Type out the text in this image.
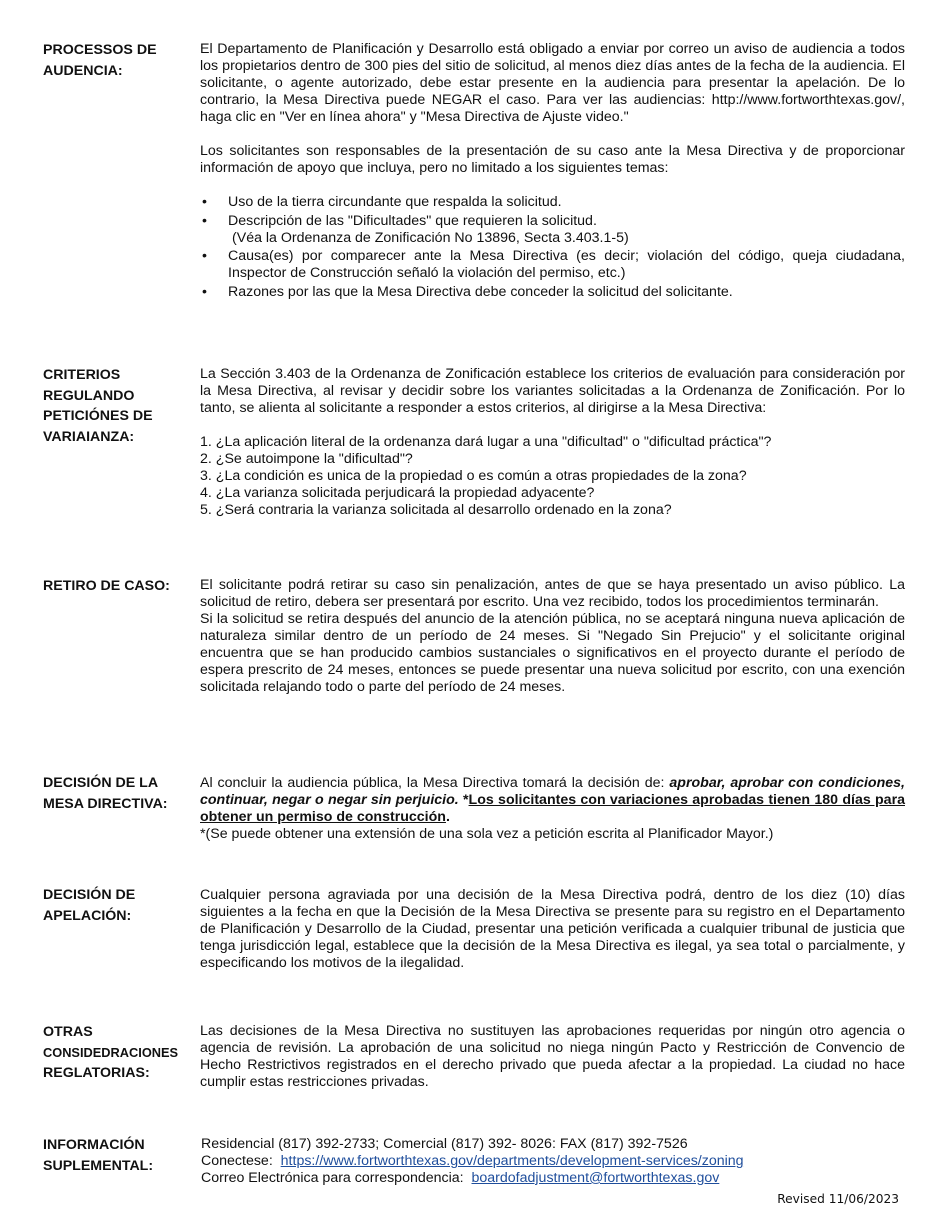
PROCESSOS DE
AUDENCIA:

El Departamento de Planificación y Desarrollo está obligado a enviar por correo un aviso de audiencia a todos los propietarios dentro de 300 pies del sitio de solicitud, al menos diez días antes de la fecha de la audiencia. El solicitante, o agente autorizado, debe estar presente en la audiencia para presentar la apelación. De lo contrario, la Mesa Directiva puede NEGAR el caso. Para ver las audiencias: http://www.fortworthtexas.gov/, haga clic en "Ver en línea ahora" y "Mesa Directiva de Ajuste video."

Los solicitantes son responsables de la presentación de su caso ante la Mesa Directiva y de proporcionar información de apoyo que incluya, pero no limitado a los siguientes temas:

• Uso de la tierra circundante que respalda la solicitud.
• Descripción de las "Dificultades" que requieren la solicitud.
(Véa la Ordenanza de Zonificación No 13896, Secta 3.403.1-5)
• Causa(es) por comparecer ante la Mesa Directiva (es decir; violación del código, queja ciudadana, Inspector de Construcción señaló la violación del permiso, etc.)
• Razones por las que la Mesa Directiva debe conceder la solicitud del solicitante.
CRITERIOS
REGULANDO
PETICIÓNES DE
VARIAIANZA:

La Sección 3.403 de la Ordenanza de Zonificación establece los criterios de evaluación para consideración por la Mesa Directiva, al revisar y decidir sobre los variantes solicitadas a la Ordenanza de Zonificación. Por lo tanto, se alienta al solicitante a responder a estos criterios, al dirigirse a la Mesa Directiva:

1. ¿La aplicación literal de la ordenanza dará lugar a una "dificultad" o "dificultad práctica"?
2. ¿Se autoimpone la "dificultad"?
3. ¿La condición es unica de la propiedad o es común a otras propiedades de la zona?
4. ¿La varianza solicitada perjudicará la propiedad adyacente?
5. ¿Será contraria la varianza solicitada al desarrollo ordenado en la zona?
RETIRO DE CASO:	El solicitante podrá retirar su caso sin penalización, antes de que se haya presentado un aviso público. La solicitud de retiro, debera ser presentará por escrito. Una vez recibido, todos los procedimientos terminarán.

Si la solicitud se retira después del anuncio de la atención pública, no se aceptará ninguna nueva aplicación de naturaleza similar dentro de un período de 24 meses. Si "Negado Sin Prejucio" y el solicitante original encuentra que se han producido cambios sustanciales o significativos en el proyecto durante el período de espera prescrito de 24 meses, entonces se puede presentar una nueva solicitud por escrito, con una exención solicitada relajando todo o parte del período de 24 meses.

DECISIÓN DE LA
MESA DIRECTIVA:

Al concluir la audiencia pública, la Mesa Directiva tomará la decisión de: aprobar, aprobar con condiciones, continuar, negar o negar sin perjuicio. *Los solicitantes con variaciones aprobadas tienen 180 días para obtener un permiso de construcción.

*(Se puede obtener una extensión de una sola vez a petición escrita al Planificador Mayor.)

DECISIÓN DE
APELACIÓN:

Cualquier persona agraviada por una decisión de la Mesa Directiva podrá, dentro de los diez (10) días siguientes a la fecha en que la Decisión de la Mesa Directiva se presente para su registro en el Departamento de Planificación y Desarrollo de la Ciudad, presentar una petición verificada a cualquier tribunal de justicia que tenga jurisdicción legal, establece que la decisión de la Mesa Directiva es ilegal, ya sea total o parcialmente, y especificando los motivos de la ilegalidad.

OTRAS
CONSIDEDRACIONES
REGLATORIAS:

Las decisiones de la Mesa Directiva no sustituyen las aprobaciones requeridas por ningún otro agencia o agencia de revisión. La aprobación de una solicitud no niega ningún Pacto y Restricción de Convencio de Hecho Restrictivos registrados en el derecho privado que pueda afectar a la propiedad. La ciudad no hace cumplir estas restricciones privadas.

INFORMACIÓN
SUPLEMENTAL:
Residencial (817) 392-2733; Comercial (817) 392- 8026: FAX (817) 392-7526
Conectese: https://www.fortworthtexas.gov/departments/development-services/zoning
Correo Electrónica para correspondencia: boardofadjustment@fortworthtexas.gov
Revised 11/06/2023
